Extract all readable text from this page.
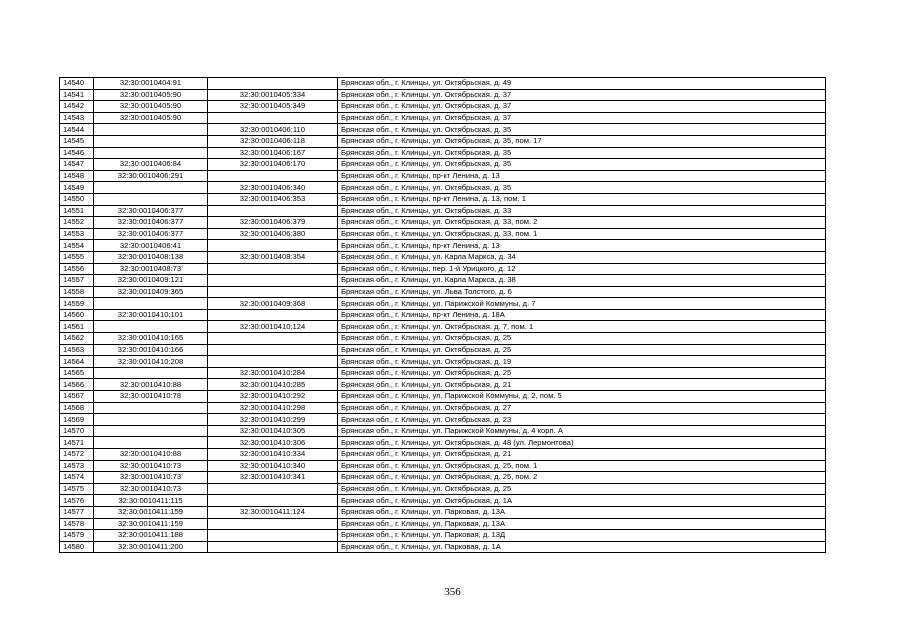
14540	32:30:0010404:91		Брянская обл., г. Клинцы, ул. Октябрьская, д. 49
14541	32:30:0010405:90	32:30:0010405:334	Брянская обл., г. Клинцы, ул. Октябрьская, д. 37
14542	32:30:0010405:90	32:30:0010405:349	Брянская обл., г. Клинцы, ул. Октябрьская, д. 37
14543	32:30:0010405:90		Брянская обл., г. Клинцы, ул. Октябрьская, д. 37
14544		32:30:0010406:110	Брянская обл., г. Клинцы, ул. Октябрьская, д. 35
14545		32:30:0010406:118	Брянская обл., г. Клинцы, ул. Октябрьская, д. 35, пом. 17
14546		32:30:0010406:167	Брянская обл., г. Клинцы, ул. Октябрьская, д. 35
14547	32:30:0010406:84	32:30:0010406:170	Брянская обл., г. Клинцы, ул. Октябрьская, д. 35
14548	32:30:0010406:291		Брянская обл., г. Клинцы, пр-кт Ленина, д. 13
14549		32:30:0010406:340	Брянская обл., г. Клинцы, ул. Октябрьская, д. 35
14550		32:30:0010406:353	Брянская обл., г. Клинцы, пр-кт Ленина, д. 13, пом. 1
14551	32:30:0010406:377		Брянская обл., г. Клинцы, ул. Октябрьская, д. 33
14552	32:30:0010406:377	32:30:0010406:379	Брянская обл., г. Клинцы, ул. Октябрьская, д. 33, пом. 2
14553	32:30:0010406:377	32:30:0010406:380	Брянская обл., г. Клинцы, ул. Октябрьская, д. 33, пом. 1
14554	32:30:0010406:41		Брянская обл., г. Клинцы, пр-кт Ленина, д. 13
14555	32:30:0010408:138	32:30:0010408:354	Брянская обл., г. Клинцы, ул. Карла Маркса, д. 34
14556	32:30:0010408:73		Брянская обл., г. Клинцы, пер. 1-й Урицкого, д. 12
14557	32:30:0010409:121		Брянская обл., г. Клинцы, ул. Карла Маркса, д. 38
14558	32:30:0010409:365		Брянская обл., г. Клинцы, ул. Льва Толстого, д. 6
14559		32:30:0010409:368	Брянская обл., г. Клинцы, ул. Парижской Коммуны, д. 7
14560	32:30:0010410:101		Брянская обл., г. Клинцы, пр-кт Ленина, д. 18А
14561		32:30:0010410:124	Брянская обл., г. Клинцы, ул. Октябрьская, д. 7, пом. 1
14562	32:30:0010410:165		Брянская обл., г. Клинцы, ул. Октябрьская, д. 25
14563	32:30:0010410:166		Брянская обл., г. Клинцы, ул. Октябрьская, д. 25
14564	32:30:0010410:208		Брянская обл., г. Клинцы, ул. Октябрьская, д. 19
14565		32:30:0010410:284	Брянская обл., г. Клинцы, ул. Октябрьская, д. 25
14566	32:30:0010410:88	32:30:0010410:285	Брянская обл., г. Клинцы, ул. Октябрьская, д. 21
14567	32:30:0010410:78	32:30:0010410:292	Брянская обл., г. Клинцы, ул. Парижской Коммуны, д. 2, пом. 5
14568		32:30:0010410:298	Брянская обл., г. Клинцы, ул. Октябрьская, д. 27
14569		32:30:0010410:299	Брянская обл., г. Клинцы, ул. Октябрьская, д. 23
14570		32:30:0010410:305	Брянская обл., г. Клинцы, ул. Парижской Коммуны, д. 4 корп. А
14571		32:30:0010410:306	Брянская обл., г. Клинцы, ул. Октябрьская, д. 48 (ул. Лермонтова)
14572	32:30:0010410:88	32:30:0010410:334	Брянская обл., г. Клинцы, ул. Октябрьская, д. 21
14573	32:30:0010410:73	32:30:0010410:340	Брянская обл., г. Клинцы, ул. Октябрьская, д. 25, пом. 1
14574	32:30:0010410:73	32:30:0010410:341	Брянская обл., г. Клинцы, ул. Октябрьская, д. 25, пом. 2
14575	32:30:0010410:73		Брянская обл., г. Клинцы, ул. Октябрьская, д. 25
14576	32:30:0010411:115		Брянская обл., г. Клинцы, ул. Октябрьская, д. 1А
14577	32:30:0010411:159	32:30:0010411:124	Брянская обл., г. Клинцы, ул. Парковая, д. 13А
14578	32:30:0010411:159		Брянская обл., г. Клинцы, ул. Парковая, д. 13А
14579	32:30:0010411:188		Брянская обл., г. Клинцы, ул. Парковая, д. 13Д
14580	32:30:0010411:200		Брянская обл., г. Клинцы, ул. Парковая, д. 1А
356
